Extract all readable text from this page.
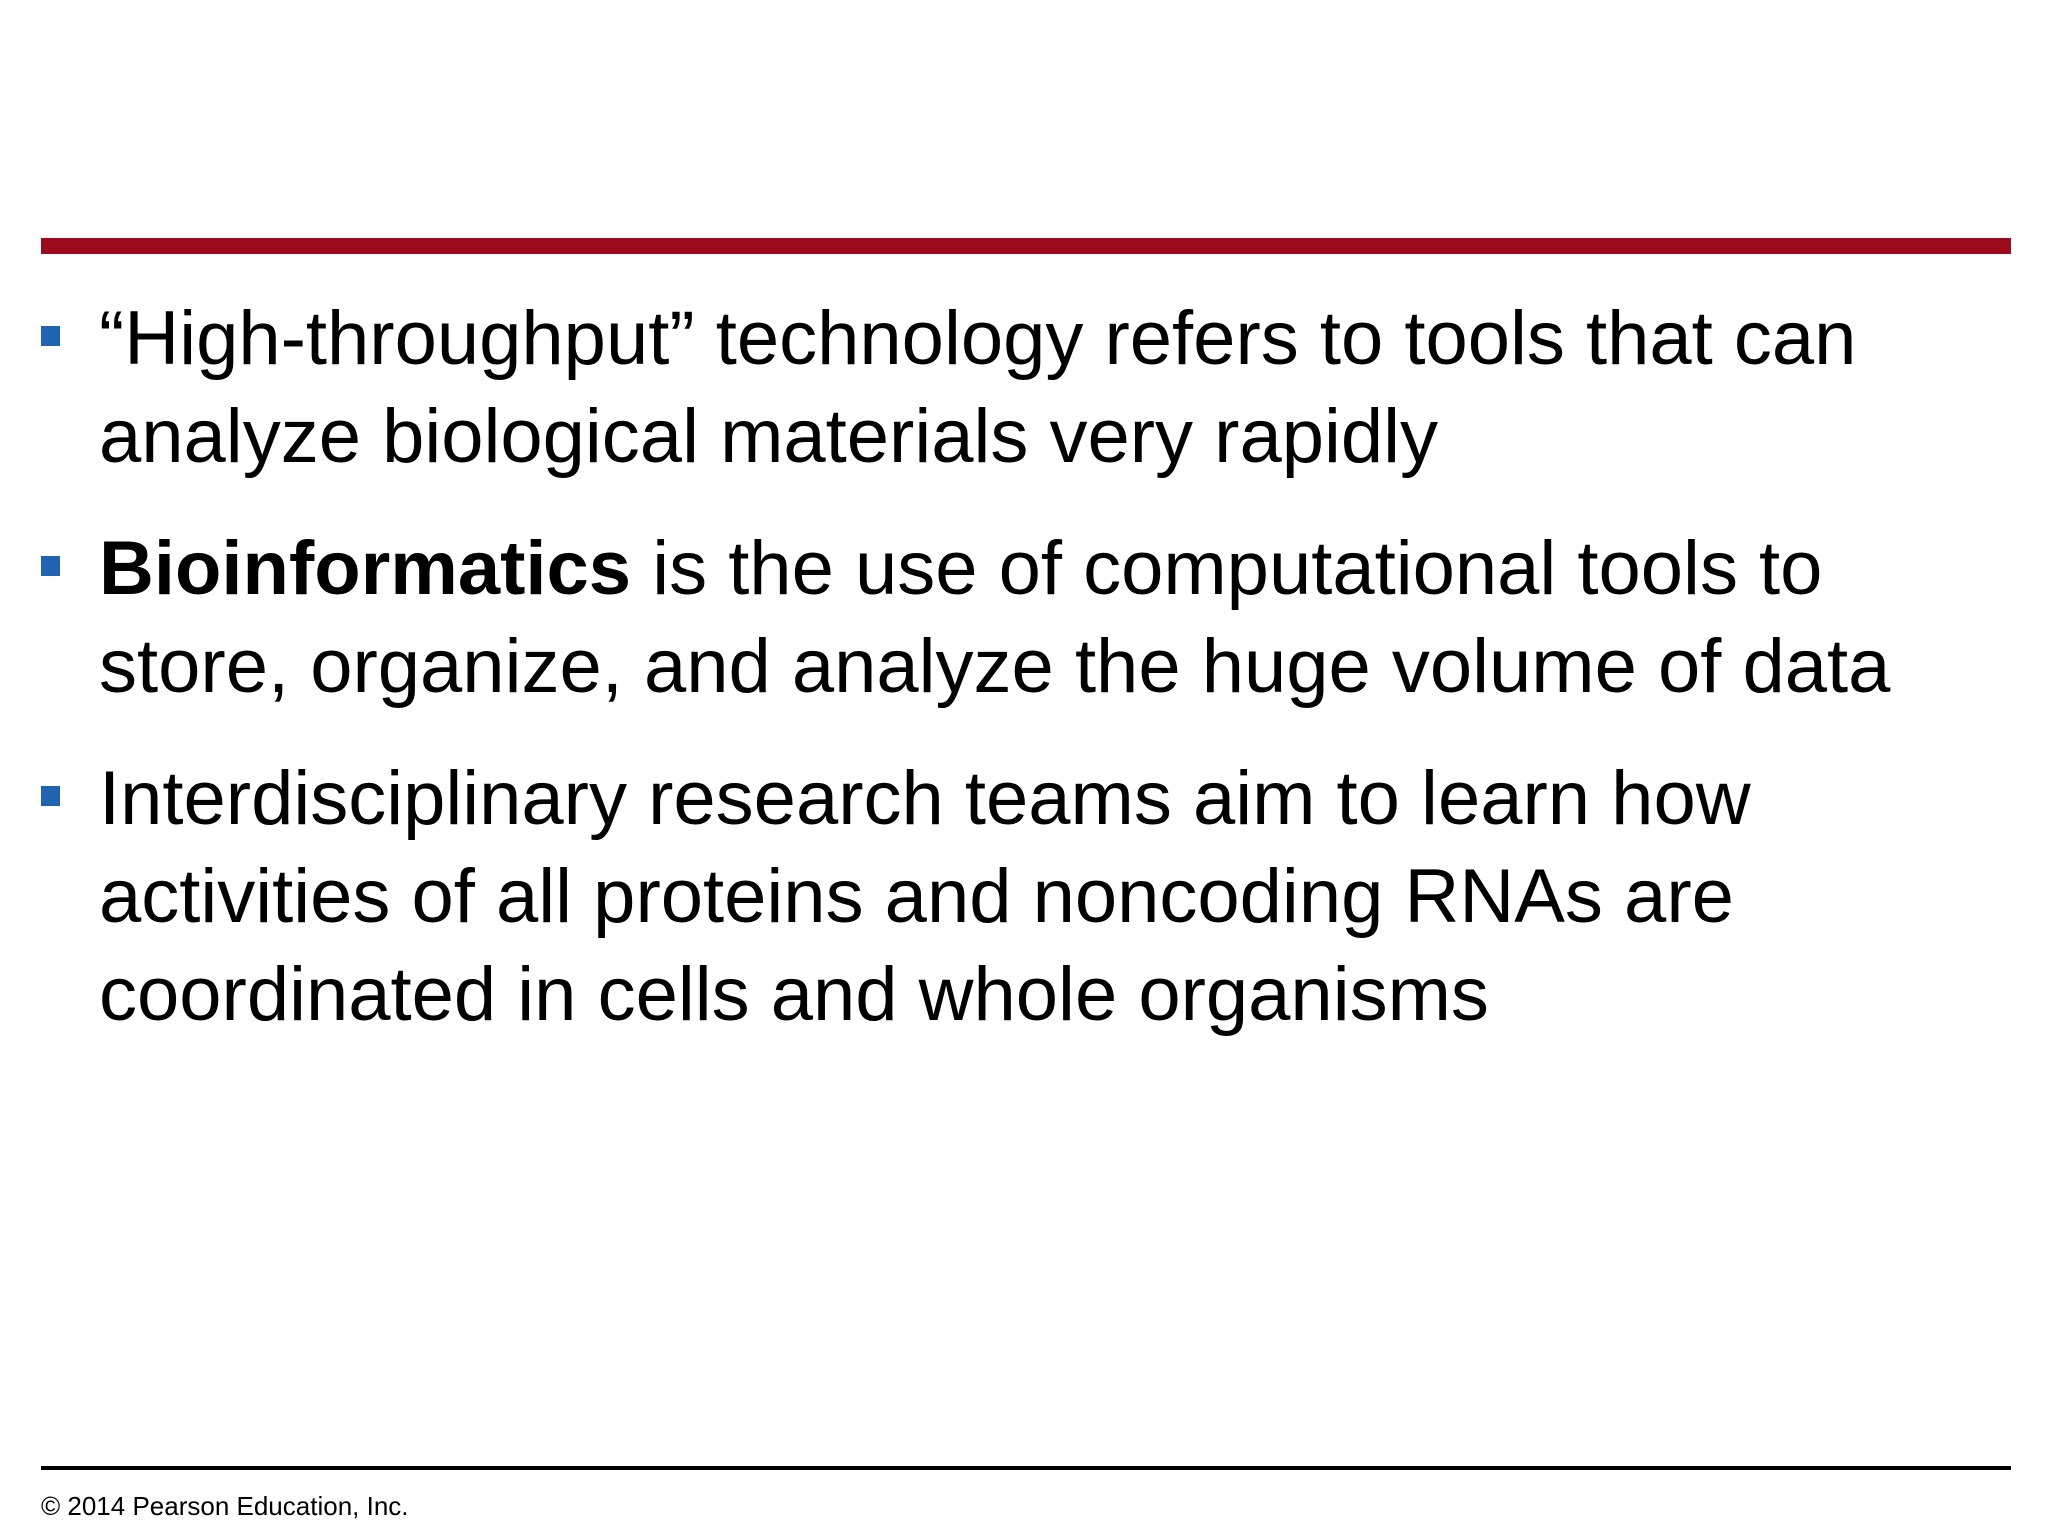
“High-throughput” technology refers to tools that can analyze biological materials very rapidly
Bioinformatics is the use of computational tools to store, organize, and analyze the huge volume of data
Interdisciplinary research teams aim to learn how activities of all proteins and noncoding RNAs are coordinated in cells and whole organisms
© 2014 Pearson Education, Inc.
